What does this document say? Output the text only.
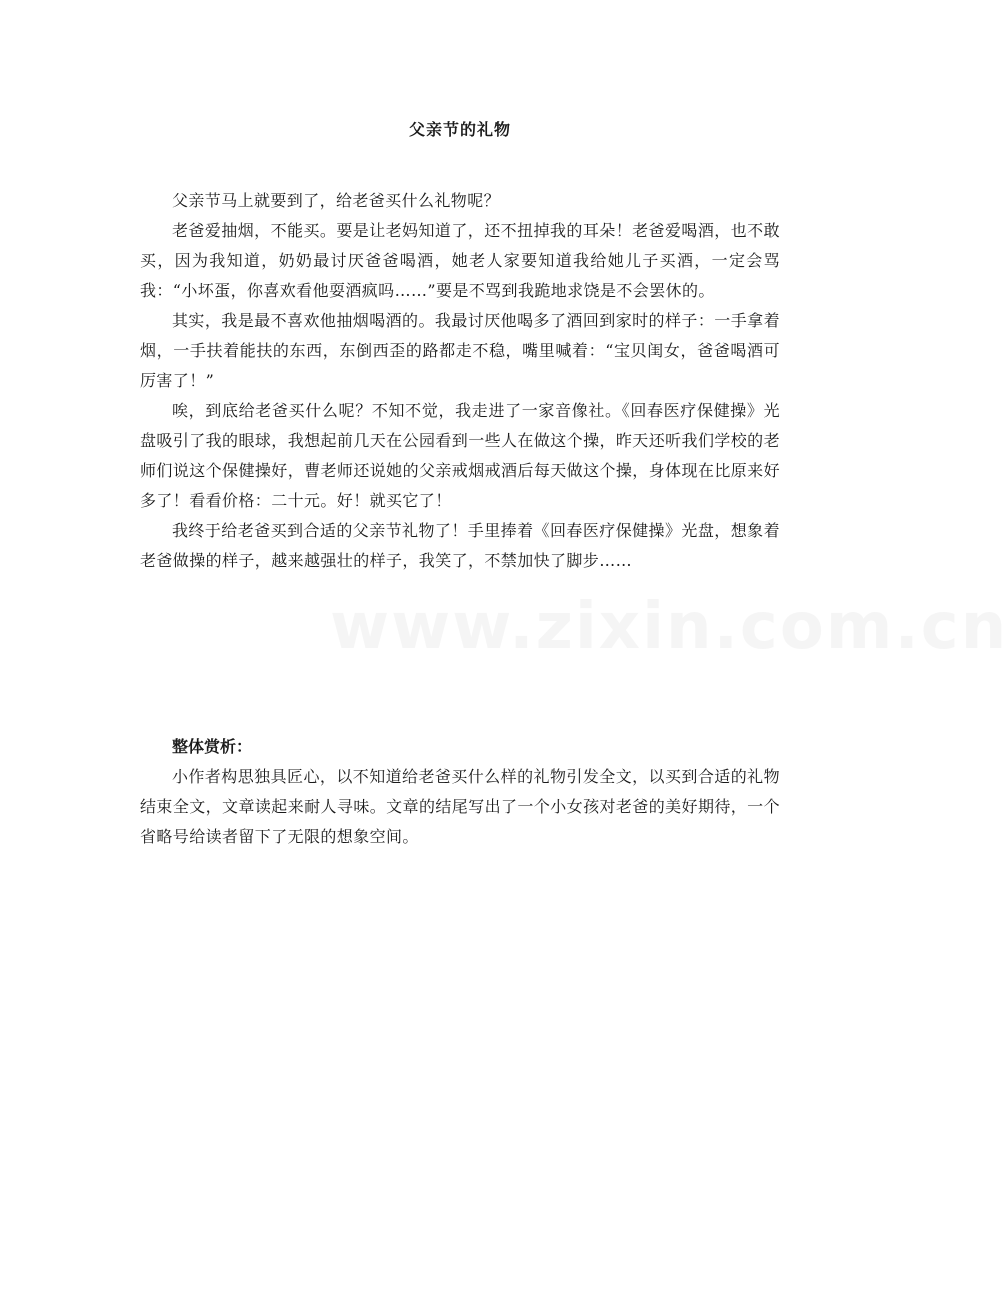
父亲节的礼物

父亲节马上就要到了，给老爸买什么礼物呢？

老爸爱抽烟，不能买。要是让老妈知道了，还不扭掉我的耳朵！老爸爱喝酒，也不敢买，因为我知道，奶奶最讨厌爸爸喝酒，她老人家要知道我给她儿子买酒，一定会骂我：“小坏蛋，你喜欢看他耍酒疯吗……”要是不骂到我跪地求饶是不会罢休的。

其实，我是最不喜欢他抽烟喝酒的。我最讨厌他喝多了酒回到家时的样子：一手拿着烟，一手扶着能扶的东西，东倒西歪的路都走不稳，嘴里喊着：“宝贝闺女，爸爸喝酒可厉害了！”

唉，到底给老爸买什么呢？不知不觉，我走进了一家音像社。《回春医疗保健操》光盘吸引了我的眼球，我想起前几天在公园看到一些人在做这个操，昨天还听我们学校的老师们说这个保健操好，曹老师还说她的父亲戒烟戒酒后每天做这个操，身体现在比原来好多了！看看价格：二十元。好！就买它了！

我终于给老爸买到合适的父亲节礼物了！手里捧着《回春医疗保健操》光盘，想象着老爸做操的样子，越来越强壮的样子，我笑了，不禁加快了脚步……

整体赏析：

小作者构思独具匠心，以不知道给老爸买什么样的礼物引发全文，以买到合适的礼物结束全文，文章读起来耐人寻味。文章的结尾写出了一个小女孩对老爸的美好期待，一个省略号给读者留下了无限的想象空间。

www.zixin.com.cn
